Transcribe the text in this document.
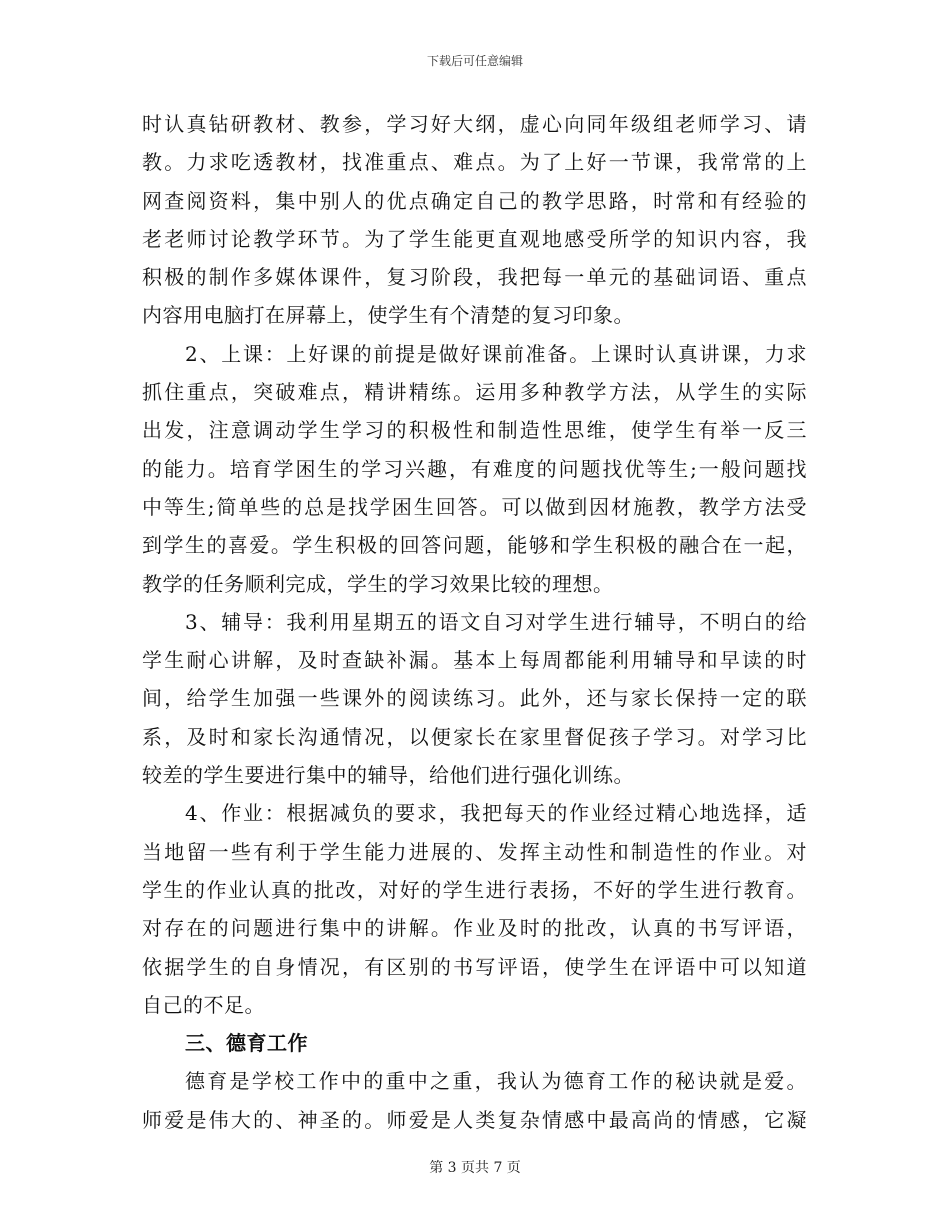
下载后可任意编辑
时认真钻研教材、教参，学习好大纲，虚心向同年级组老师学习、请
教。力求吃透教材，找准重点、难点。为了上好一节课，我常常的上
网查阅资料，集中别人的优点确定自己的教学思路，时常和有经验的
老老师讨论教学环节。为了学生能更直观地感受所学的知识内容，我
积极的制作多媒体课件，复习阶段，我把每一单元的基础词语、重点
内容用电脑打在屏幕上，使学生有个清楚的复习印象。
2、上课：上好课的前提是做好课前准备。上课时认真讲课，力求
抓住重点，突破难点，精讲精练。运用多种教学方法，从学生的实际
出发，注意调动学生学习的积极性和制造性思维，使学生有举一反三
的能力。培育学困生的学习兴趣，有难度的问题找优等生;一般问题找
中等生;简单些的总是找学困生回答。可以做到因材施教，教学方法受
到学生的喜爱。学生积极的回答问题，能够和学生积极的融合在一起，
教学的任务顺利完成，学生的学习效果比较的理想。
3、辅导：我利用星期五的语文自习对学生进行辅导，不明白的给
学生耐心讲解，及时查缺补漏。基本上每周都能利用辅导和早读的时
间，给学生加强一些课外的阅读练习。此外，还与家长保持一定的联
系，及时和家长沟通情况，以便家长在家里督促孩子学习。对学习比
较差的学生要进行集中的辅导，给他们进行强化训练。
4、作业：根据减负的要求，我把每天的作业经过精心地选择，适
当地留一些有利于学生能力进展的、发挥主动性和制造性的作业。对
学生的作业认真的批改，对好的学生进行表扬，不好的学生进行教育。
对存在的问题进行集中的讲解。作业及时的批改，认真的书写评语，
依据学生的自身情况，有区别的书写评语，使学生在评语中可以知道
自己的不足。
三、德育工作
德育是学校工作中的重中之重，我认为德育工作的秘诀就是爱。
师爱是伟大的、神圣的。师爱是人类复杂情感中最高尚的情感，它凝
第 3 页共 7 页
